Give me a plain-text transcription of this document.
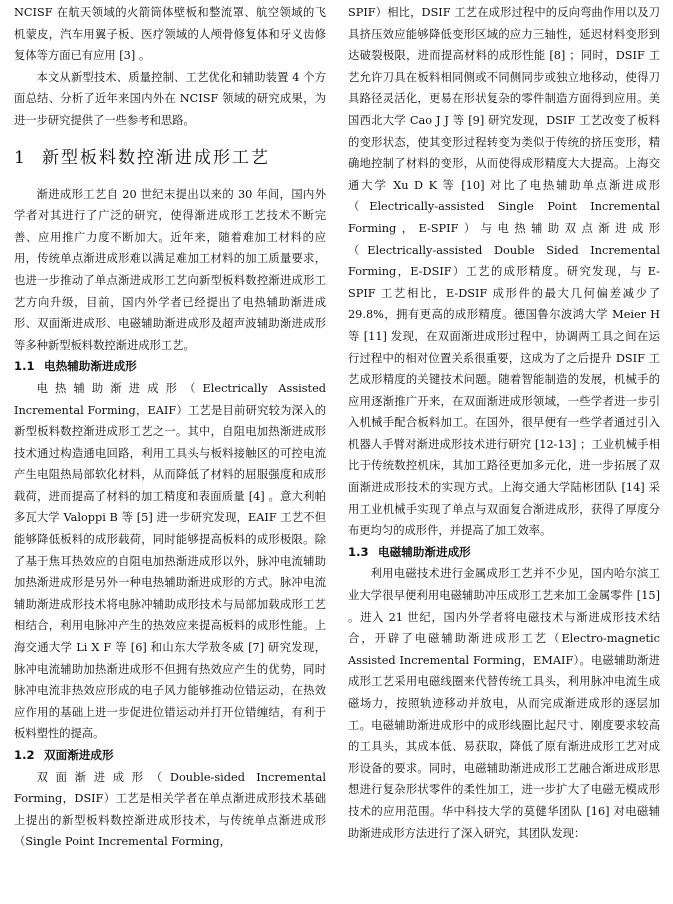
NCISF 在航天领域的火箭筒体壁板和整流罩、航空领域的飞机蒙皮，汽车用翼子板、医疗领域的人颅骨修复体和牙义齿修复体等方面已有应用 [3] 。

本文从新型技术、质量控制、工艺优化和辅助装置 4 个方面总结、分析了近年来国内外在 NCISF 领域的研究成果，为进一步研究提供了一些参考和思路。

1 新型板料数控渐进成形工艺

渐进成形工艺自 20 世纪末提出以来的 30 年间，国内外学者对其进行了广泛的研究，使得渐进成形工艺技术不断完善、应用推广力度不断加大。近年来，随着难加工材料的应用，传统单点渐进成形难以满足难加工材料的加工质量要求，也进一步推动了单点渐进成形工艺向新型板料数控渐进成形工艺方向升级，目前，国内外学者已经提出了电热辅助渐进成形、双面渐进成形、电磁辅助渐进成形及超声波辅助渐进成形等多种新型板料数控渐进成形工艺。

1.1 电热辅助渐进成形

电热辅助渐进成形（Electrically Assisted Incremental Forming，EAIF）工艺是目前研究较为深入的新型板料数控渐进成形工艺之一。其中，自阻电加热渐进成形技术通过构造通电回路，利用工具头与板料接触区的可控电流产生电阻热局部软化材料，从而降低了材料的屈服强度和成形载荷，进而提高了材料的加工精度和表面质量 [4] 。意大利帕多瓦大学 Valoppi B 等 [5] 进一步研究发现，EAIF 工艺不但能够降低板料的成形载荷，同时能够提高板料的成形极限。除了基于焦耳热效应的自阻电加热渐进成形以外，脉冲电流辅助加热渐进成形是另外一种电热辅助渐进成形的方式。脉冲电流辅助渐进成形技术将电脉冲辅助成形技术与局部加载成形工艺相结合，利用电脉冲产生的热效应来提高板料的成形性能。上海交通大学 Li X F 等 [6] 和山东大学敖冬威 [7] 研究发现，脉冲电流辅助加热渐进成形不但拥有热效应产生的优势，同时脉冲电流非热效应形成的电子风力能够推动位错运动，在热效应作用的基础上进一步促进位错运动并打开位错缠结，有利于板料塑性的提高。

1.2 双面渐进成形

双面渐进成形（Double-sided Incremental Forming，DSIF）工艺是相关学者在单点渐进成形技术基础上提出的新型板料数控渐进成形技术，与传统单点渐进成形（Single Point Incremental Forming，

SPIF）相比，DSIF 工艺在成形过程中的反向弯曲作用以及刀具挤压效应能够降低变形区域的应力三轴性，延迟材料变形到达破裂极限，进而提高材料的成形性能 [8] ；同时，DSIF 工艺允许刀具在板料相同侧或不同侧同步或独立地移动，使得刀具路径灵活化，更易在形状复杂的零件制造方面得到应用。美国西北大学 Cao J J 等 [9] 研究发现，DSIF 工艺改变了板料的变形状态，使其变形过程转变为类似于传统的挤压变形，精确地控制了材料的变形，从而使得成形精度大大提高。上海交通大学 Xu D K 等 [10] 对比了电热辅助单点渐进成形（Electrically-assisted Single Point Incremental Forming，E-SPIF）与电热辅助双点渐进成形（Electrically-assisted Double Sided Incremental Forming，E-DSIF）工艺的成形精度。研究发现，与 E-SPIF 工艺相比，E-DSIF 成形件的最大几何偏差减少了 29.8%，拥有更高的成形精度。德国鲁尔波鸿大学 Meier H 等 [11] 发现，在双面渐进成形过程中，协调两工具之间在运行过程中的相对位置关系很重要，这成为了之后提升 DSIF 工艺成形精度的关键技术问题。随着智能制造的发展，机械手的应用逐渐推广开来，在双面渐进成形领域，一些学者进一步引入机械手配合板料加工。在国外，很早便有一些学者通过引入机器人手臂对渐进成形技术进行研究 [12-13] ；工业机械手相比于传统数控机床，其加工路径更加多元化，进一步拓展了双面渐进成形技术的实现方式。上海交通大学陆彬团队 [14] 采用工业机械手实现了单点与双面复合渐进成形，获得了厚度分布更均匀的成形件，并提高了加工效率。

1.3 电磁辅助渐进成形

利用电磁技术进行金属成形工艺并不少见，国内哈尔滨工业大学很早便利用电磁辅助冲压成形工艺来加工金属零件 [15] 。进入 21 世纪，国内外学者将电磁技术与渐进成形技术结合，开辟了电磁辅助渐进成形工艺（Electro-magnetic Assisted Incremental Forming，EMAIF）。电磁辅助渐进成形工艺采用电磁线圈来代替传统工具头，利用脉冲电流生成磁场力，按照轨迹移动并放电，从而完成渐进成形的逐层加工。电磁辅助渐进成形中的成形线圈比起尺寸、刚度要求较高的工具头，其成本低、易获取，降低了原有渐进成形工艺对成形设备的要求。同时，电磁辅助渐进成形工艺融合渐进成形思想进行复杂形状零件的柔性加工，进一步扩大了电磁无模成形技术的应用范围。华中科技大学的莫健华团队 [16] 对电磁辅助渐进成形方法进行了深入研究，其团队发现：
